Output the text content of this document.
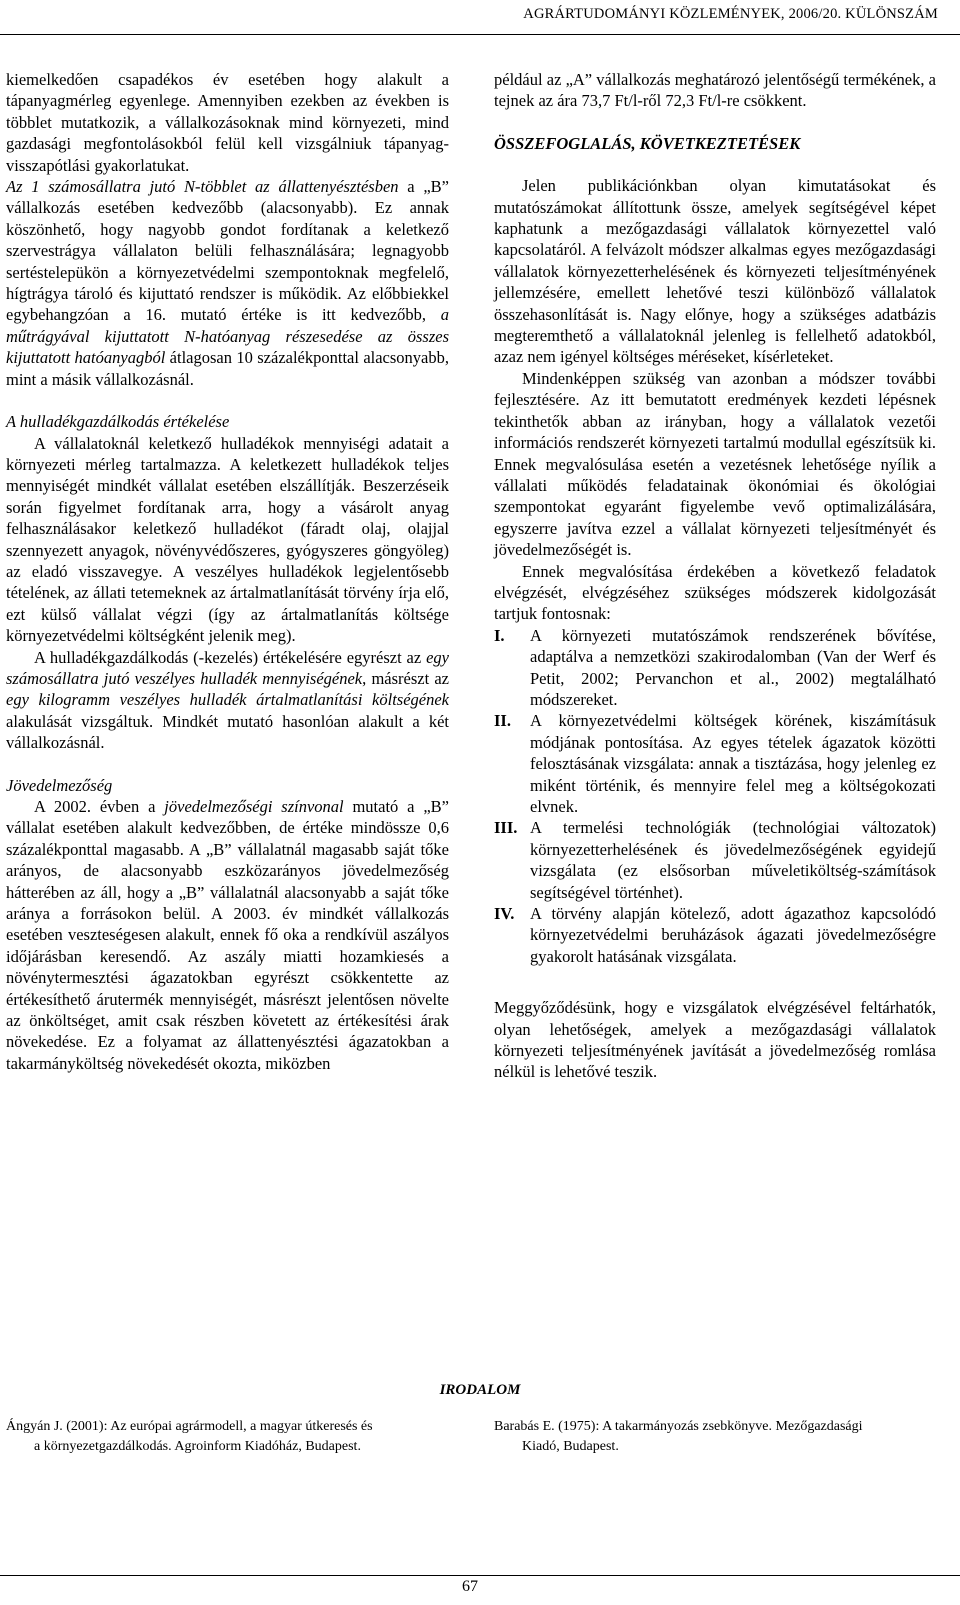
AGRÁRTUDOMÁNYI KÖZLEMÉNYEK, 2006/20. KÜLÖNSZÁM

kiemelkedően csapadékos év esetében hogy alakult a tápanyagmérleg egyenlege. Amennyiben ezekben az években is többlet mutatkozik, a vállalkozásoknak mind környezeti, mind gazdasági megfontolásokból felül kell vizsgálniuk tápanyag-visszapótlási gyakorlatukat.

Az 1 számosállatra jutó N-többlet az állattenyésztésben a „B” vállalkozás esetében kedvezőbb (alacsonyabb). Ez annak köszönhető, hogy nagyobb gondot fordítanak a keletkező szervestrágya vállalaton belüli felhasználására; legnagyobb sertéstelepükön a környezetvédelmi szempontoknak megfelelő, hígtrágya tároló és kijuttató rendszer is működik. Az előbbiekkel egybehangzóan a 16. mutató értéke is itt kedvezőbb, a műtrágyával kijuttatott N-hatóanyag részesedése az összes kijuttatott hatóanyagból átlagosan 10 százalékponttal alacsonyabb, mint a másik vállalkozásnál.

A hulladékgazdálkodás értékelése

A vállalatoknál keletkező hulladékok mennyiségi adatait a környezeti mérleg tartalmazza. A keletkezett hulladékok teljes mennyiségét mindkét vállalat esetében elszállítják. Beszerzéseik során figyelmet fordítanak arra, hogy a vásárolt anyag felhasználásakor keletkező hulladékot (fáradt olaj, olajjal szennyezett anyagok, növényvédőszeres, gyógyszeres göngyöleg) az eladó visszavegye. A veszélyes hulladékok legjelentősebb tételének, az állati tetemeknek az ártalmatlanítását törvény írja elő, ezt külső vállalat végzi (így az ártalmatlanítás költsége környezetvédelmi költségként jelenik meg).

A hulladékgazdálkodás (-kezelés) értékelésére egyrészt az egy számosállatra jutó veszélyes hulladék mennyiségének, másrészt az egy kilogramm veszélyes hulladék ártalmatlanítási költségének alakulását vizsgáltuk. Mindkét mutató hasonlóan alakult a két vállalkozásnál.

Jövedelmezőség

A 2002. évben a jövedelmezőségi színvonal mutató a „B” vállalat esetében alakult kedvezőbben, de értéke mindössze 0,6 százalékponttal magasabb. A „B” vállalatnál magasabb saját tőke arányos, de alacsonyabb eszközarányos jövedelmezőség hátterében az áll, hogy a „B” vállalatnál alacsonyabb a saját tőke aránya a forrásokon belül. A 2003. év mindkét vállalkozás esetében veszteségesen alakult, ennek fő oka a rendkívül aszályos időjárásban keresendő. Az aszály miatti hozamkiesés a növénytermesztési ágazatokban egyrészt csökkentette az értékesíthető árutermék mennyiségét, másrészt jelentősen növelte az önköltséget, amit csak részben követett az értékesítési árak növekedése. Ez a folyamat az állattenyésztési ágazatokban a takarmányköltség növekedését okozta, miközben

például az „A” vállalkozás meghatározó jelentőségű termékének, a tejnek az ára 73,7 Ft/l-ről 72,3 Ft/l-re csökkent.

ÖSSZEFOGLALÁS, KÖVETKEZTETÉSEK

Jelen publikációnkban olyan kimutatásokat és mutatószámokat állítottunk össze, amelyek segítségével képet kaphatunk a mezőgazdasági vállalatok környezettel való kapcsolatáról. A felvázolt módszer alkalmas egyes mezőgazdasági vállalatok környezetterhelésének és környezeti teljesítményének jellemzésére, emellett lehetővé teszi különböző vállalatok összehasonlítását is. Nagy előnye, hogy a szükséges adatbázis megteremthető a vállalatoknál jelenleg is fellelhető adatokból, azaz nem igényel költséges méréseket, kísérleteket.

Mindenképpen szükség van azonban a módszer további fejlesztésére. Az itt bemutatott eredmények kezdeti lépésnek tekinthetők abban az irányban, hogy a vállalatok vezetői információs rendszerét környezeti tartalmú modullal egészítsük ki. Ennek megvalósulása esetén a vezetésnek lehetősége nyílik a vállalati működés feladatainak ökonómiai és ökológiai szempontokat egyaránt figyelembe vevő optimalizálására, egyszerre javítva ezzel a vállalat környezeti teljesítményét és jövedelmezőségét is.

Ennek megvalósítása érdekében a következő feladatok elvégzését, elvégzéséhez szükséges módszerek kidolgozását tartjuk fontosnak:

I.	A környezeti mutatószámok rendszerének bővítése, adaptálva a nemzetközi szakirodalomban (Van der Werf és Petit, 2002; Pervanchon et al., 2002) megtalálható módszereket.
II.	A környezetvédelmi költségek körének, kiszámításuk módjának pontosítása. Az egyes tételek ágazatok közötti felosztásának vizsgálata: annak a tisztázása, hogy jelenleg ez miként történik, és mennyire felel meg a költségokozati elvnek.
III. A termelési technológiák (technológiai változatok) környezetterhelésének és jövedelmezőségének egyidejű vizsgálata (ez elsősorban műveletiköltség-számítások segítségével történhet).
IV. A törvény alapján kötelező, adott ágazathoz kapcsolódó környezetvédelmi beruházások ágazati jövedelmezőségre gyakorolt hatásának vizsgálata.

Meggyőződésünk, hogy e vizsgálatok elvégzésével feltárhatók, olyan lehetőségek, amelyek a mezőgazdasági vállalatok környezeti teljesítményének javítását a jövedelmezőség romlása nélkül is lehetővé teszik.

IRODALOM
Ángyán J. (2001): Az európai agrármodell, a magyar útkeresés és
a környezetgazdálkodás. Agroinform Kiadóház, Budapest.
Barabás E. (1975): A takarmányozás zsebkönyve. Mezőgazdasági
Kiadó, Budapest.
67
